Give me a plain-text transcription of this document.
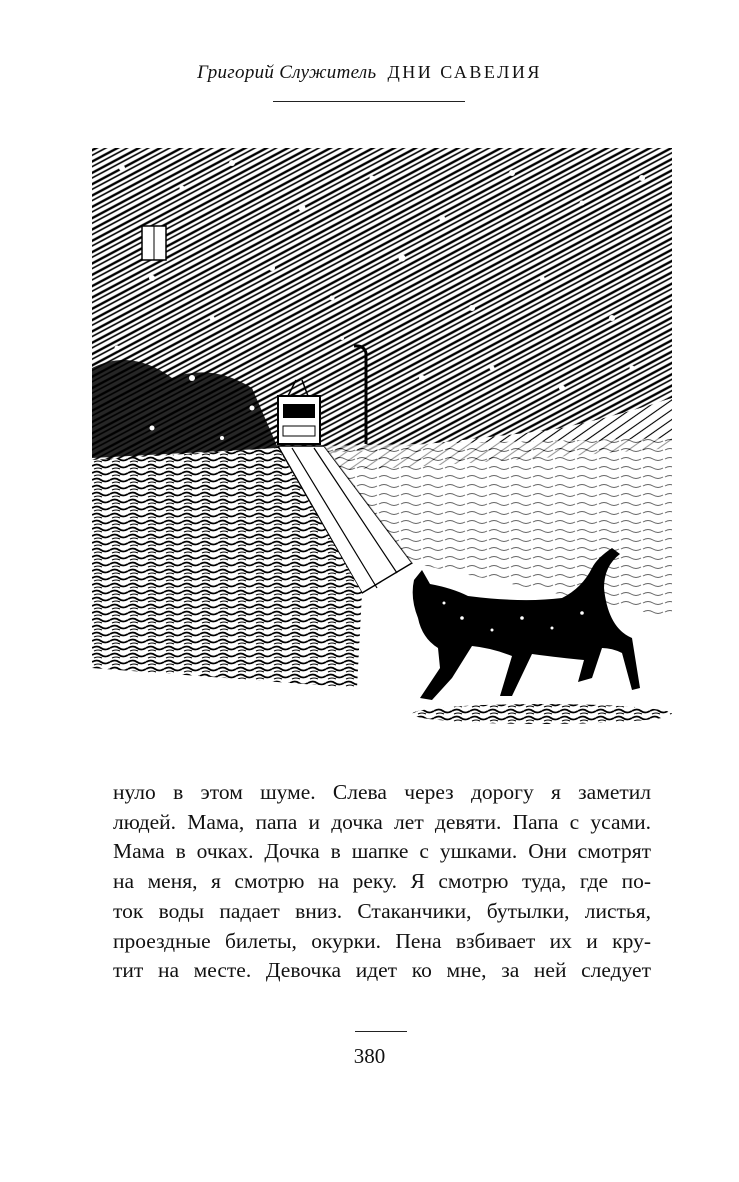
Григорий Служитель ДНИ САВЕЛИЯ
нуло в этом шуме. Слева через дорогу я заметил
людей. Мама, папа и дочка лет девяти. Папа с усами.
Мама в очках. Дочка в шапке с ушками. Они смотрят
на меня, я смотрю на реку. Я смотрю туда, где по-
ток воды падает вниз. Стаканчики, бутылки, листья,
проездные билеты, окурки. Пена взбивает их и кру-
тит на месте. Девочка идет ко мне, за ней следует
380
